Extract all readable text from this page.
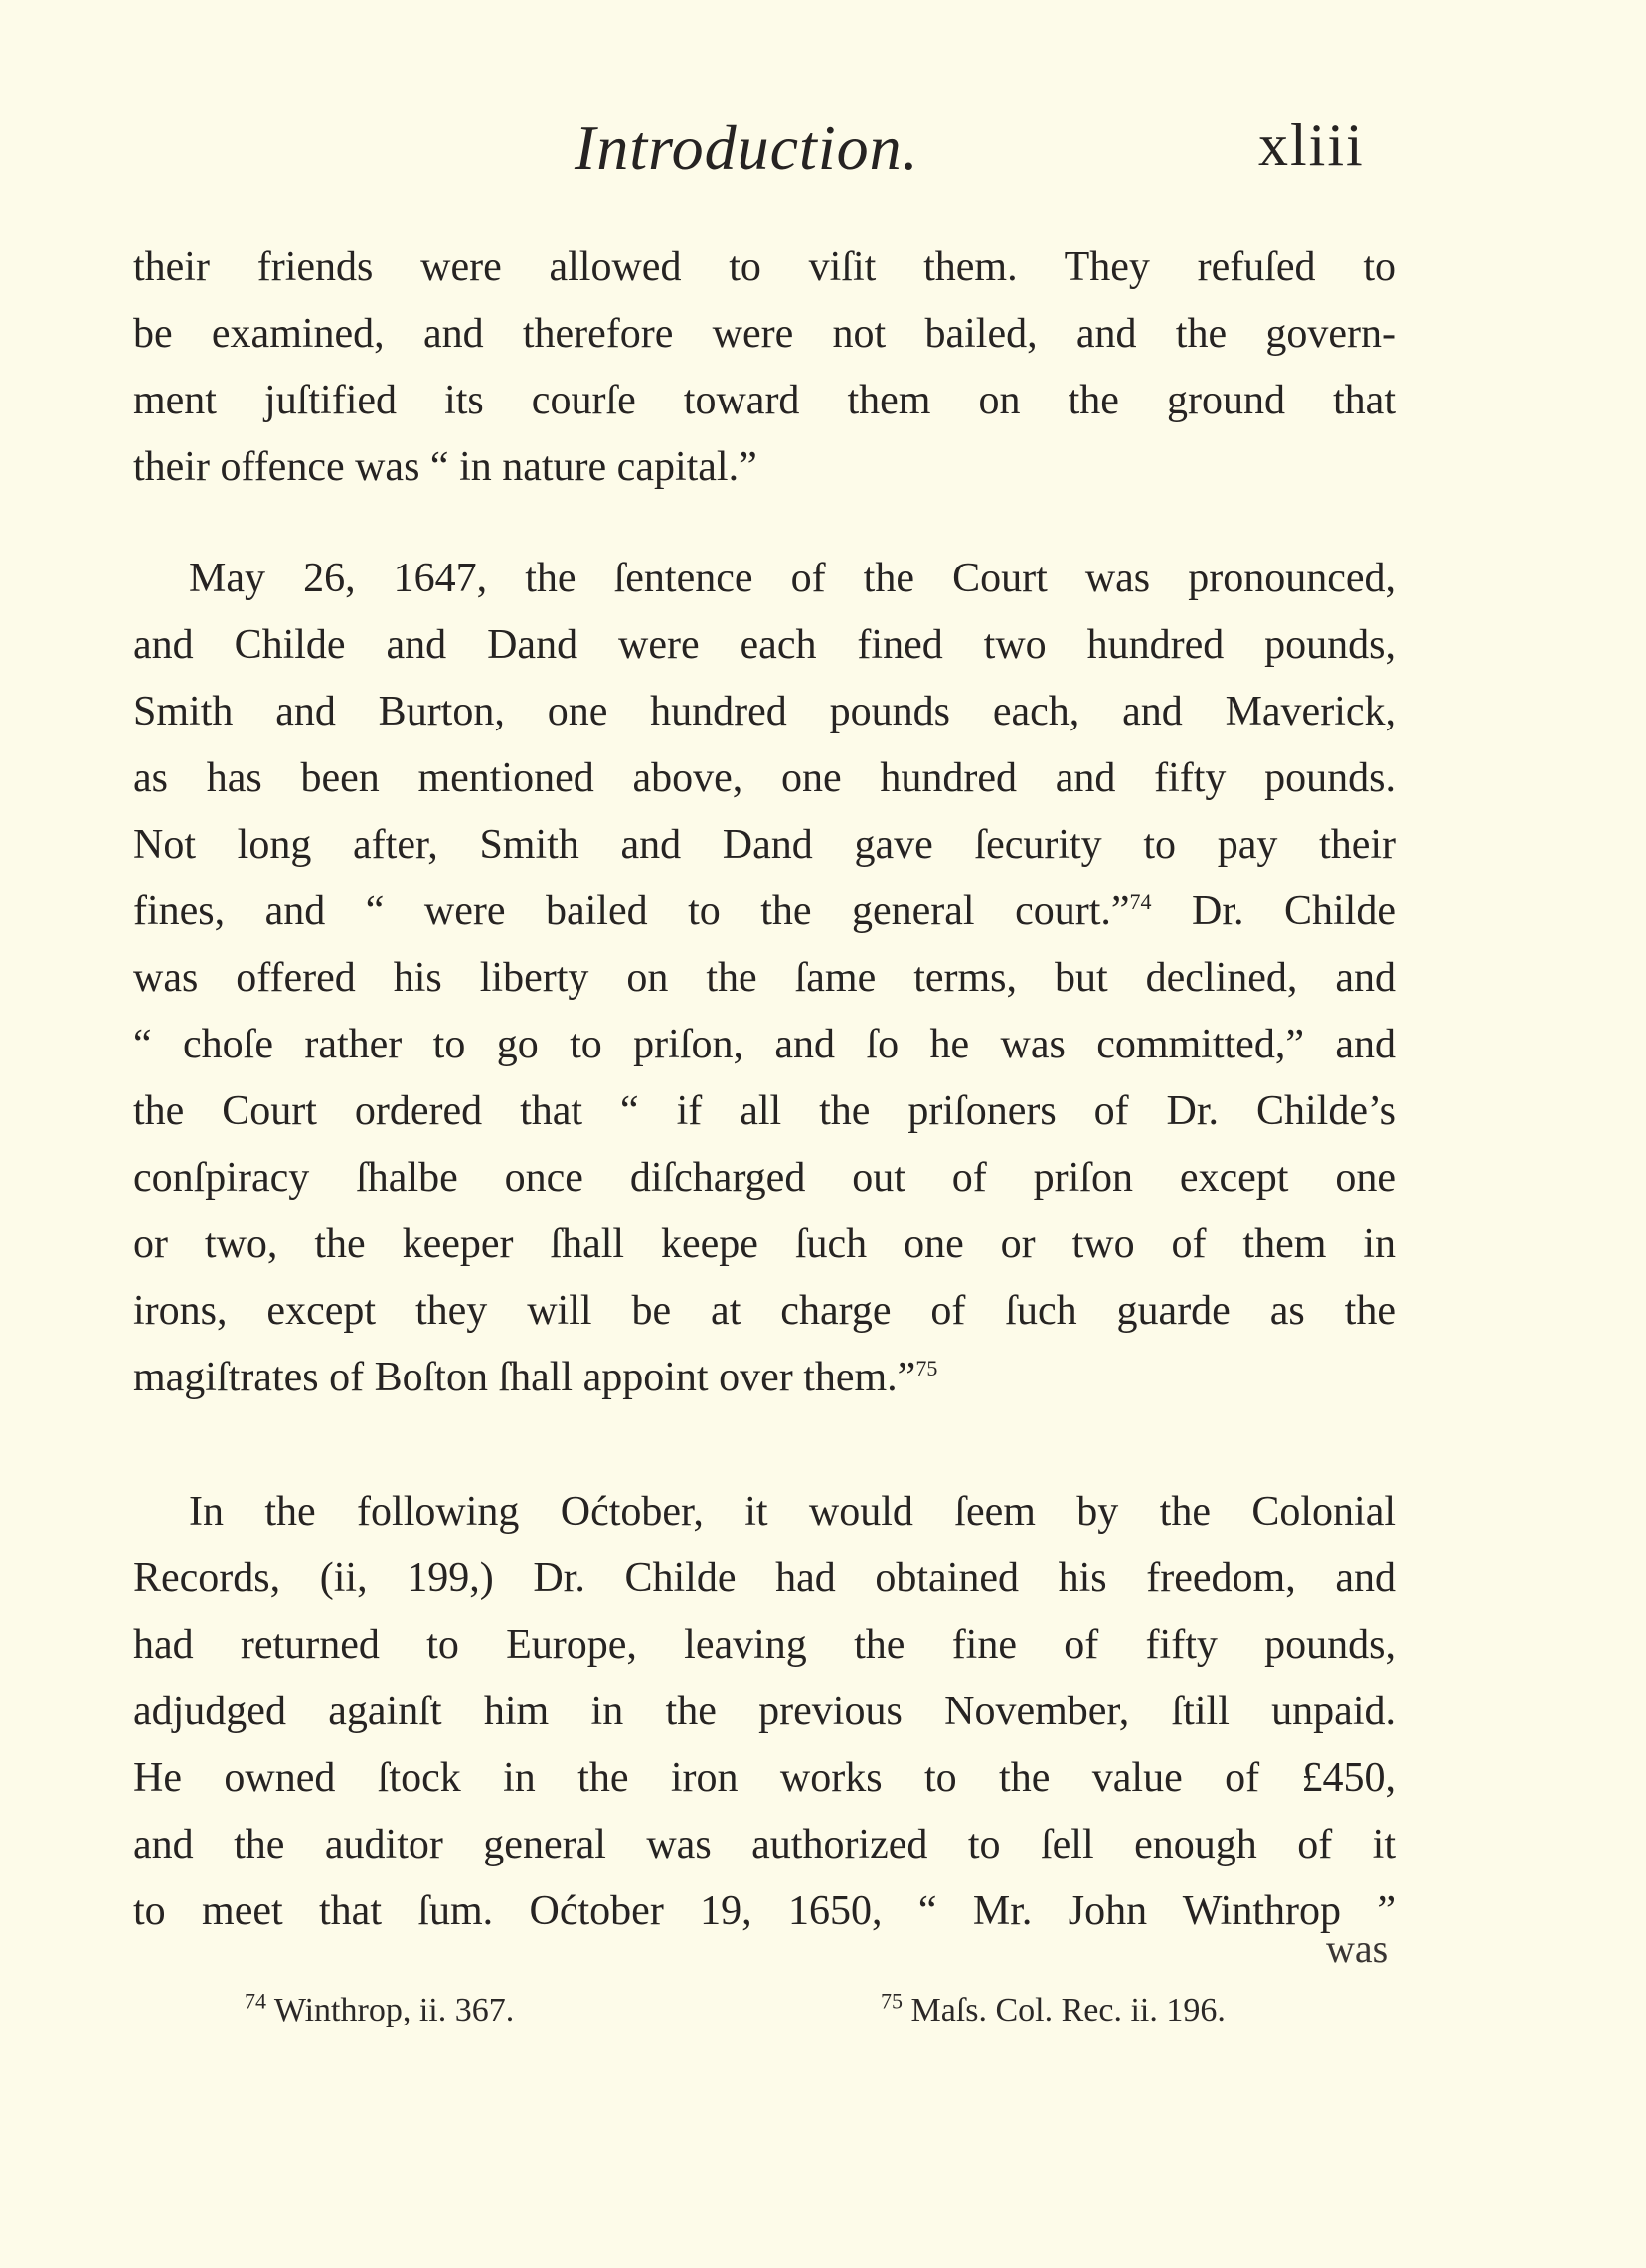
Introduction.	xliii
their friends were allowed to viſit them. They refuſed to
be examined, and therefore were not bailed, and the govern-
ment juſtified its courſe toward them on the ground that
their offence was “ in nature capital.”
May 26, 1647, the ſentence of the Court was pronounced,
and Childe and Dand were each fined two hundred pounds,
Smith and Burton, one hundred pounds each, and Maverick,
as has been mentioned above, one hundred and fifty pounds.
Not long after, Smith and Dand gave ſecurity to pay their
fines, and “ were bailed to the general court.”$^{74}$ Dr. Childe
was offered his liberty on the ſame terms, but declined, and
“ choſe rather to go to priſon, and ſo he was committed,” and
the Court ordered that “ if all the priſoners of Dr. Childe’s
conſpiracy ſhalbe once diſcharged out of priſon except one
or two, the keeper ſhall keepe ſuch one or two of them in
irons, except they will be at charge of ſuch guarde as the
magiſtrates of Boſton ſhall appoint over them.”$^{75}$
In the following Oćtober, it would ſeem by the Colonial
Records, (ii, 199,) Dr. Childe had obtained his freedom, and
had returned to Europe, leaving the fine of fifty pounds,
adjudged againſt him in the previous November, ſtill unpaid.
He owned ſtock in the iron works to the value of £450,
and the auditor general was authorized to ſell enough of it
to meet that ſum. Oćtober 19, 1650, “ Mr. John Winthrop ”
was
$^{74}$ Winthrop, ii. 367.	$^{75}$ Maſs. Col. Rec. ii. 196.
